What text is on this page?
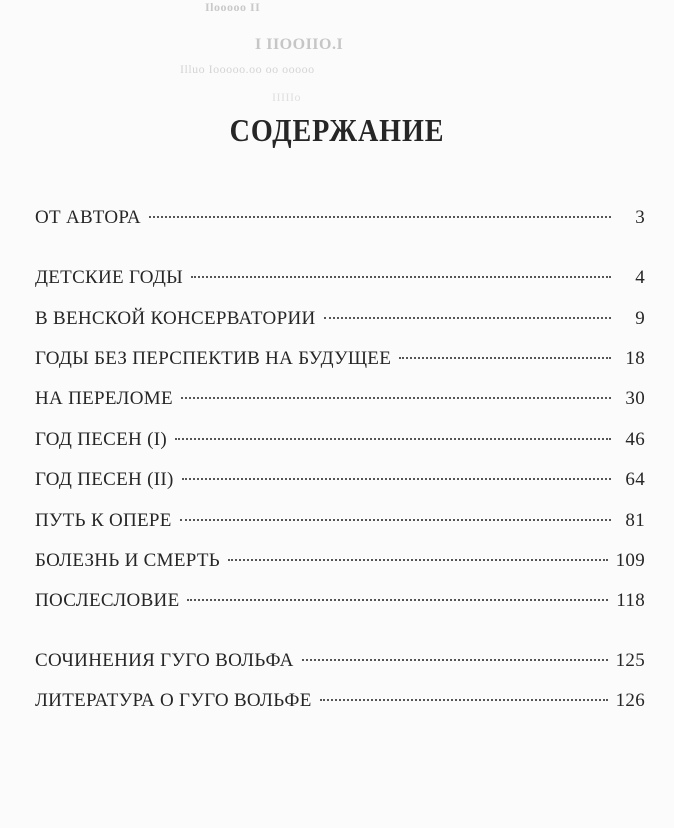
Ilooooo II
I IIOOIIO.I
Illuo Iooooo.oo oo ooooo
IIIIIo
СОДЕРЖАНИЕ
ОТ АВТОРА	3
ДЕТСКИЕ ГОДЫ	4
В ВЕНСКОЙ КОНСЕРВАТОРИИ	9
ГОДЫ БЕЗ ПЕРСПЕКТИВ НА БУДУЩЕЕ	18
НА ПЕРЕЛОМЕ	30
ГОД ПЕСЕН (I)	46
ГОД ПЕСЕН (II)	64
ПУТЬ К ОПЕРЕ	81
БОЛЕЗНЬ И СМЕРТЬ	109
ПОСЛЕСЛОВИЕ	118
СОЧИНЕНИЯ ГУГО ВОЛЬФА	125
ЛИТЕРАТУРА О ГУГО ВОЛЬФЕ	126
